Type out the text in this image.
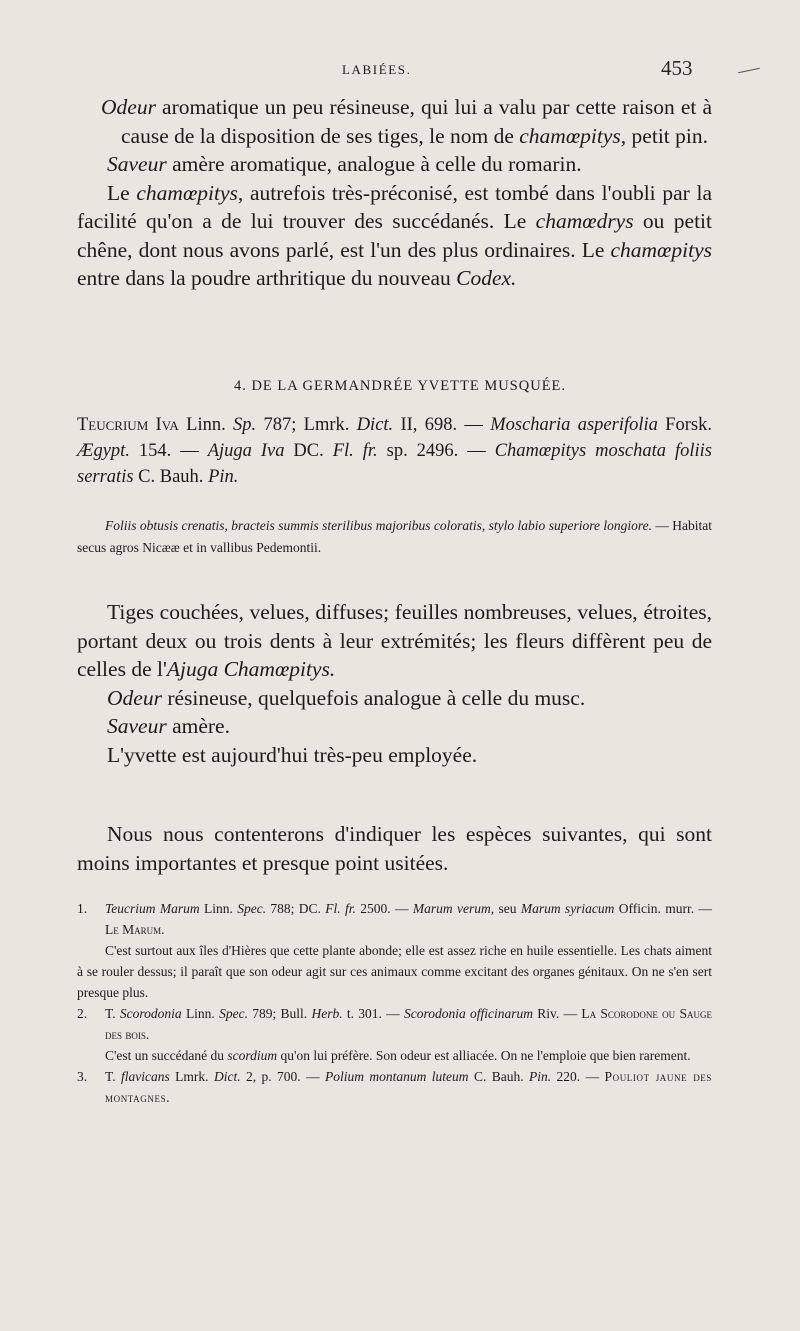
LABIÉES.	453

Odeur aromatique un peu résineuse, qui lui a valu par cette raison et à cause de la disposition de ses tiges, le nom de chamœpitys, petit pin.

Saveur amère aromatique, analogue à celle du romarin.

Le chamœpitys, autrefois très-préconisé, est tombé dans l'oubli par la facilité qu'on a de lui trouver des succédanés. Le chamœdrys ou petit chêne, dont nous avons parlé, est l'un des plus ordinaires. Le chamœpitys entre dans la poudre arthritique du nouveau Codex.

4. DE LA GERMANDRÉE YVETTE MUSQUÉE.

Teucrium Iva Linn. Sp. 787; Lmrk. Dict. II, 698. — Moscharia asperifolia Forsk. Ægypt. 154. — Ajuga Iva DC. Fl. fr. sp. 2496. — Chamœpitys moschata foliis serratis C. Bauh. Pin.

Foliis obtusis crenatis, bracteis summis sterilibus majoribus coloratis, stylo labio superiore longiore. — Habitat secus agros Nicææ et in vallibus Pedemontii.

Tiges couchées, velues, diffuses; feuilles nombreuses, velues, étroites, portant deux ou trois dents à leur extrémités; les fleurs diffèrent peu de celles de l'Ajuga Chamœpitys.

Odeur résineuse, quelquefois analogue à celle du musc.

Saveur amère.

L'yvette est aujourd'hui très-peu employée.

Nous nous contenterons d'indiquer les espèces suivantes, qui sont moins importantes et presque point usitées.

1. Teucrium Marum Linn. Spec. 788; DC. Fl. fr. 2500. — Marum verum, seu Marum syriacum Officin. murr. — Le Marum.

C'est surtout aux îles d'Hières que cette plante abonde; elle est assez riche en huile essentielle. Les chats aiment à se rouler dessus; il paraît que son odeur agit sur ces animaux comme excitant des organes génitaux. On ne s'en sert presque plus.

2. T. Scorodonia Linn. Spec. 789; Bull. Herb. t. 301. — Scorodonia officinarum Riv. — La Scorodone ou Sauge des bois.

C'est un succédané du scordium qu'on lui préfère. Son odeur est alliacée. On ne l'emploie que bien rarement.

3. T. flavicans Lmrk. Dict. 2, p. 700. — Polium montanum luteum C. Bauh. Pin. 220. — Pouliot jaune des montagnes.
